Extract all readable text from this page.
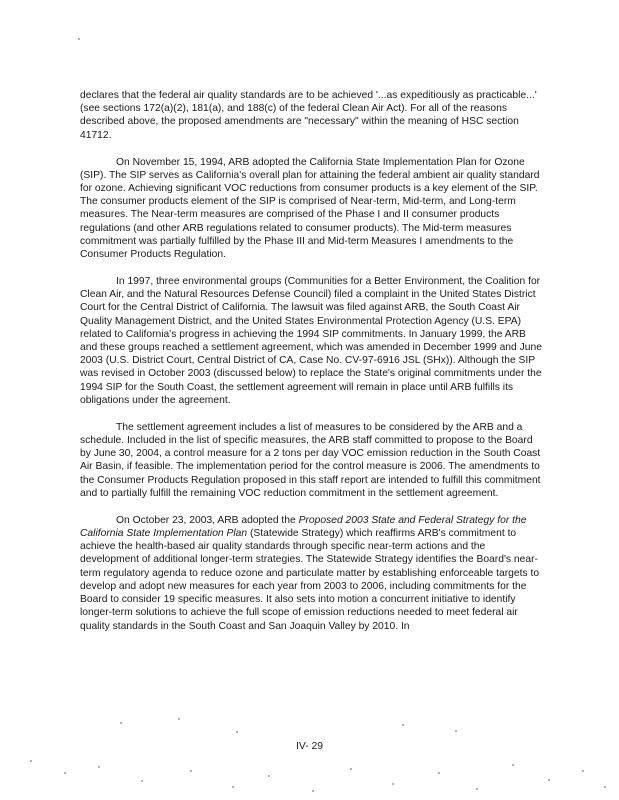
declares that the federal air quality standards are to be achieved '...as expeditiously as practicable...' (see sections 172(a)(2), 181(a), and 188(c) of the federal Clean Air Act). For all of the reasons described above, the proposed amendments are "necessary" within the meaning of HSC section 41712.

On November 15, 1994, ARB adopted the California State Implementation Plan for Ozone (SIP). The SIP serves as California's overall plan for attaining the federal ambient air quality standard for ozone. Achieving significant VOC reductions from consumer products is a key element of the SIP. The consumer products element of the SIP is comprised of Near-term, Mid-term, and Long-term measures. The Near-term measures are comprised of the Phase I and II consumer products regulations (and other ARB regulations related to consumer products). The Mid-term measures commitment was partially fulfilled by the Phase III and Mid-term Measures I amendments to the Consumer Products Regulation.

In 1997, three environmental groups (Communities for a Better Environment, the Coalition for Clean Air, and the Natural Resources Defense Council) filed a complaint in the United States District Court for the Central District of California. The lawsuit was filed against ARB, the South Coast Air Quality Management District, and the United States Environmental Protection Agency (U.S. EPA) related to California's progress in achieving the 1994 SIP commitments. In January 1999, the ARB and these groups reached a settlement agreement, which was amended in December 1999 and June 2003 (U.S. District Court, Central District of CA, Case No. CV-97-6916 JSL (SHx)). Although the SIP was revised in October 2003 (discussed below) to replace the State's original commitments under the 1994 SIP for the South Coast, the settlement agreement will remain in place until ARB fulfills its obligations under the agreement.

The settlement agreement includes a list of measures to be considered by the ARB and a schedule. Included in the list of specific measures, the ARB staff committed to propose to the Board by June 30, 2004, a control measure for a 2 tons per day VOC emission reduction in the South Coast Air Basin, if feasible. The implementation period for the control measure is 2006. The amendments to the Consumer Products Regulation proposed in this staff report are intended to fulfill this commitment and to partially fulfill the remaining VOC reduction commitment in the settlement agreement.

On October 23, 2003, ARB adopted the Proposed 2003 State and Federal Strategy for the California State Implementation Plan (Statewide Strategy) which reaffirms ARB's commitment to achieve the health-based air quality standards through specific near-term actions and the development of additional longer-term strategies. The Statewide Strategy identifies the Board's near-term regulatory agenda to reduce ozone and particulate matter by establishing enforceable targets to develop and adopt new measures for each year from 2003 to 2006, including commitments for the Board to consider 19 specific measures. It also sets into motion a concurrent initiative to identify longer-term solutions to achieve the full scope of emission reductions needed to meet federal air quality standards in the South Coast and San Joaquin Valley by 2010. In

IV- 29
